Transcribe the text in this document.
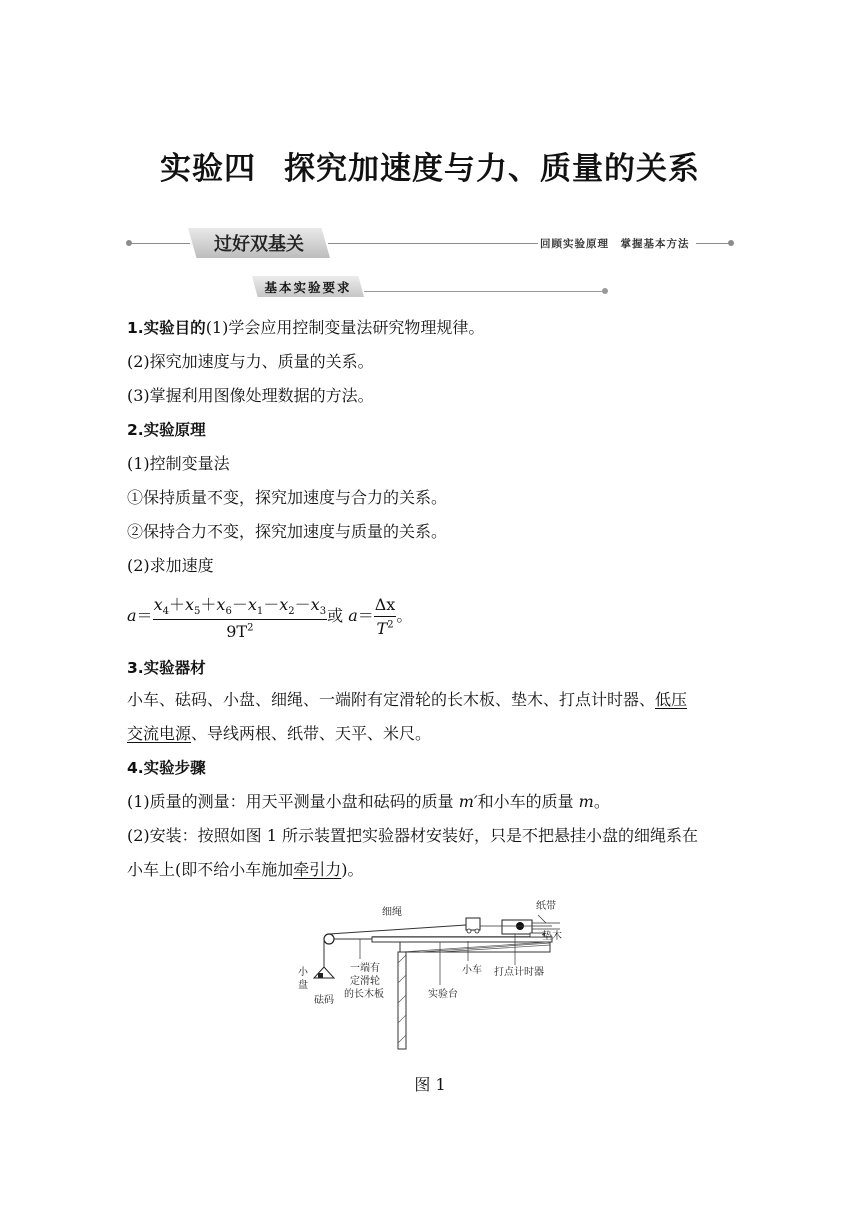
实验四 探究加速度与力、质量的关系
过好双基关	回顾实验原理　掌握基本方法
基本实验要求
1.实验目的(1)学会应用控制变量法研究物理规律。
(2)探究加速度与力、质量的关系。
(3)掌握利用图像处理数据的方法。
2.实验原理
(1)控制变量法
①保持质量不变，探究加速度与合力的关系。
②保持合力不变，探究加速度与质量的关系。
(2)求加速度
$a= \frac{x_4+x_5+x_6-x_1-x_2-x_3}{9T^2}$ 或 $a= \frac{\Delta x}{T^2}$ 。
3.实验器材
小车、砝码、小盘、细绳、一端附有定滑轮的长木板、垫木、打点计时器、低压
交流电源、导线两根、纸带、天平、米尺。
4.实验步骤
(1)质量的测量：用天平测量小盘和砝码的质量 m′和小车的质量 m。
(2)安装：按照如图 1 所示装置把实验器材安装好，只是不把悬挂小盘的细绳系在
小车上(即不给小车施加牵引力)。
细绳
纸带
垫木
小车 打点计时器
小
盘
砝码
一端有
定滑轮
的长木板	实验台
图 1
